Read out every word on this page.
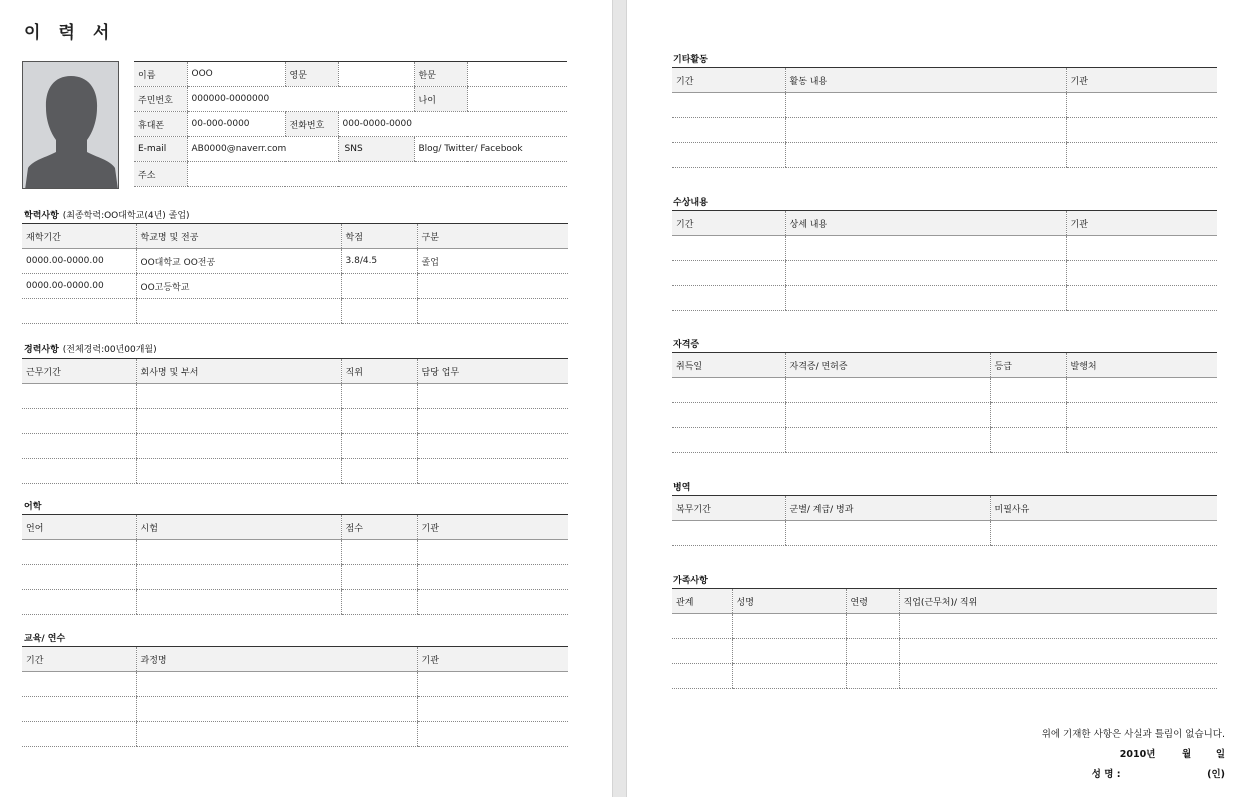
이 력 서
이름	OOO	영문		한문	
주민번호	000000-0000000			나이	
휴대폰	00-000-0000	전화번호	000-0000-0000		
E-mail	AB0000@naverr.com		SNS	Blog/ Twitter/ Facebook	
주소					
학력사항 (최종학력:OO대학교(4년) 졸업)
재학기간	학교명 및 전공	학점	구분
0000.00-0000.00	OO대학교 OO전공	3.8/4.5	졸업
0000.00-0000.00	OO고등학교		

경력사항 (전체경력:00년00개월)
근무기간	회사명 및 부서	직위	담당 업무

어학
언어	시험	점수	기관

교육/ 연수
기간	과정명	기관

기타활동
기간	활동 내용	기관

수상내용
기간	상세 내용	기관

자격증
취득일	자격증/ 면허증	등급	발행처

병역
복무기간	군별/ 계급/ 병과	미필사유

가족사항
관계	성명	연령	직업(근무처)/ 직위

위에 기재한 사항은 사실과 틀림이 없습니다.
2010년	월	일
성 명 :	(인)
